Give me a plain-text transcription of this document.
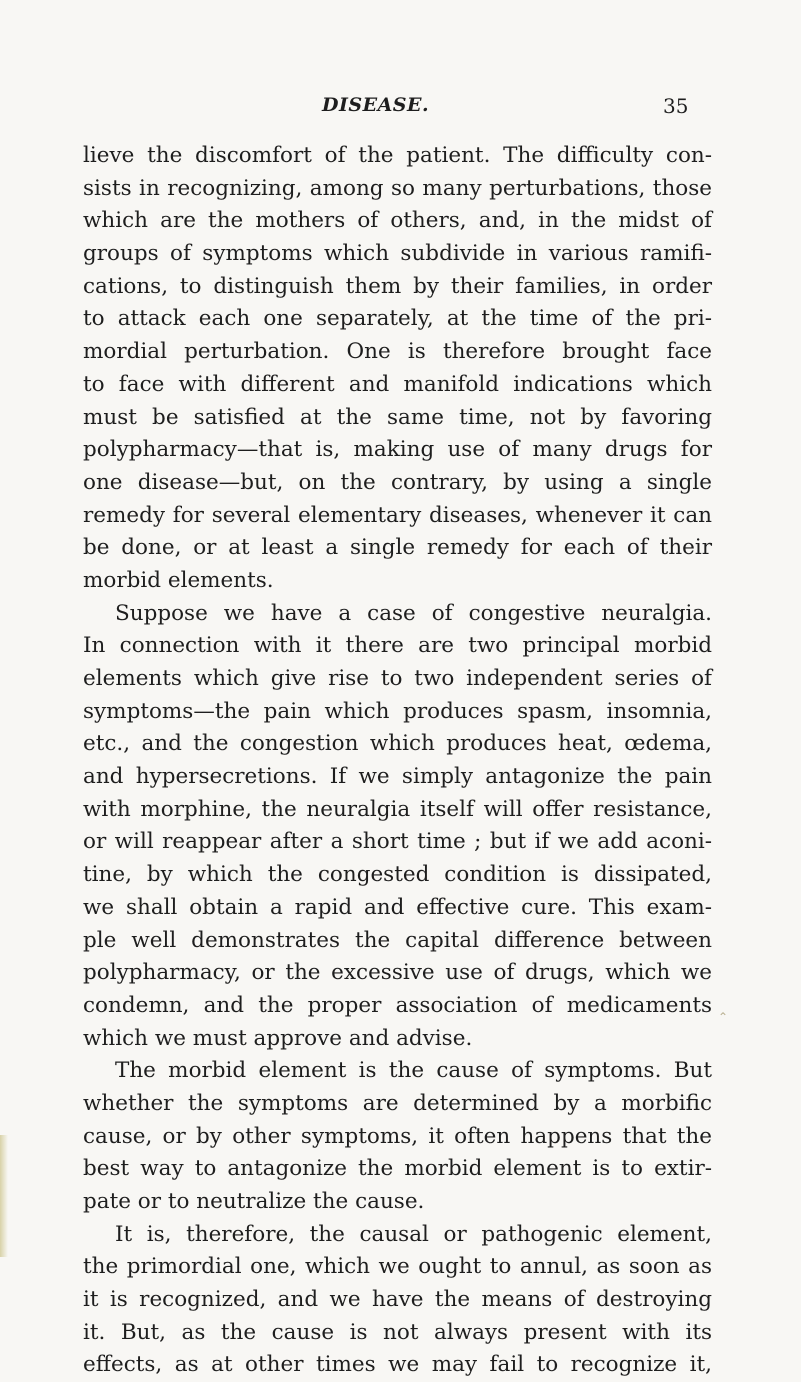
DISEASE.	35
lieve the discomfort of the patient. The difficulty con-
sists in recognizing, among so many perturbations, those
which are the mothers of others, and, in the midst of
groups of symptoms which subdivide in various ramifi-
cations, to distinguish them by their families, in order
to attack each one separately, at the time of the pri-
mordial perturbation. One is therefore brought face
to face with different and manifold indications which
must be satisfied at the same time, not by favoring
polypharmacy—that is, making use of many drugs for
one disease—but, on the contrary, by using a single
remedy for several elementary diseases, whenever it can
be done, or at least a single remedy for each of their
morbid elements.
Suppose we have a case of congestive neuralgia.
In connection with it there are two principal morbid
elements which give rise to two independent series of
symptoms—the pain which produces spasm, insomnia,
etc., and the congestion which produces heat, œdema,
and hypersecretions. If we simply antagonize the pain
with morphine, the neuralgia itself will offer resistance,
or will reappear after a short time ; but if we add aconi-
tine, by which the congested condition is dissipated,
we shall obtain a rapid and effective cure. This exam-
ple well demonstrates the capital difference between
polypharmacy, or the excessive use of drugs, which we
condemn, and the proper association of medicaments
which we must approve and advise.
The morbid element is the cause of symptoms. But
whether the symptoms are determined by a morbific
cause, or by other symptoms, it often happens that the
best way to antagonize the morbid element is to extir-
pate or to neutralize the cause.
It is, therefore, the causal or pathogenic element,
the primordial one, which we ought to annul, as soon as
it is recognized, and we have the means of destroying
it. But, as the cause is not always present with its
effects, as at other times we may fail to recognize it,
⌃
